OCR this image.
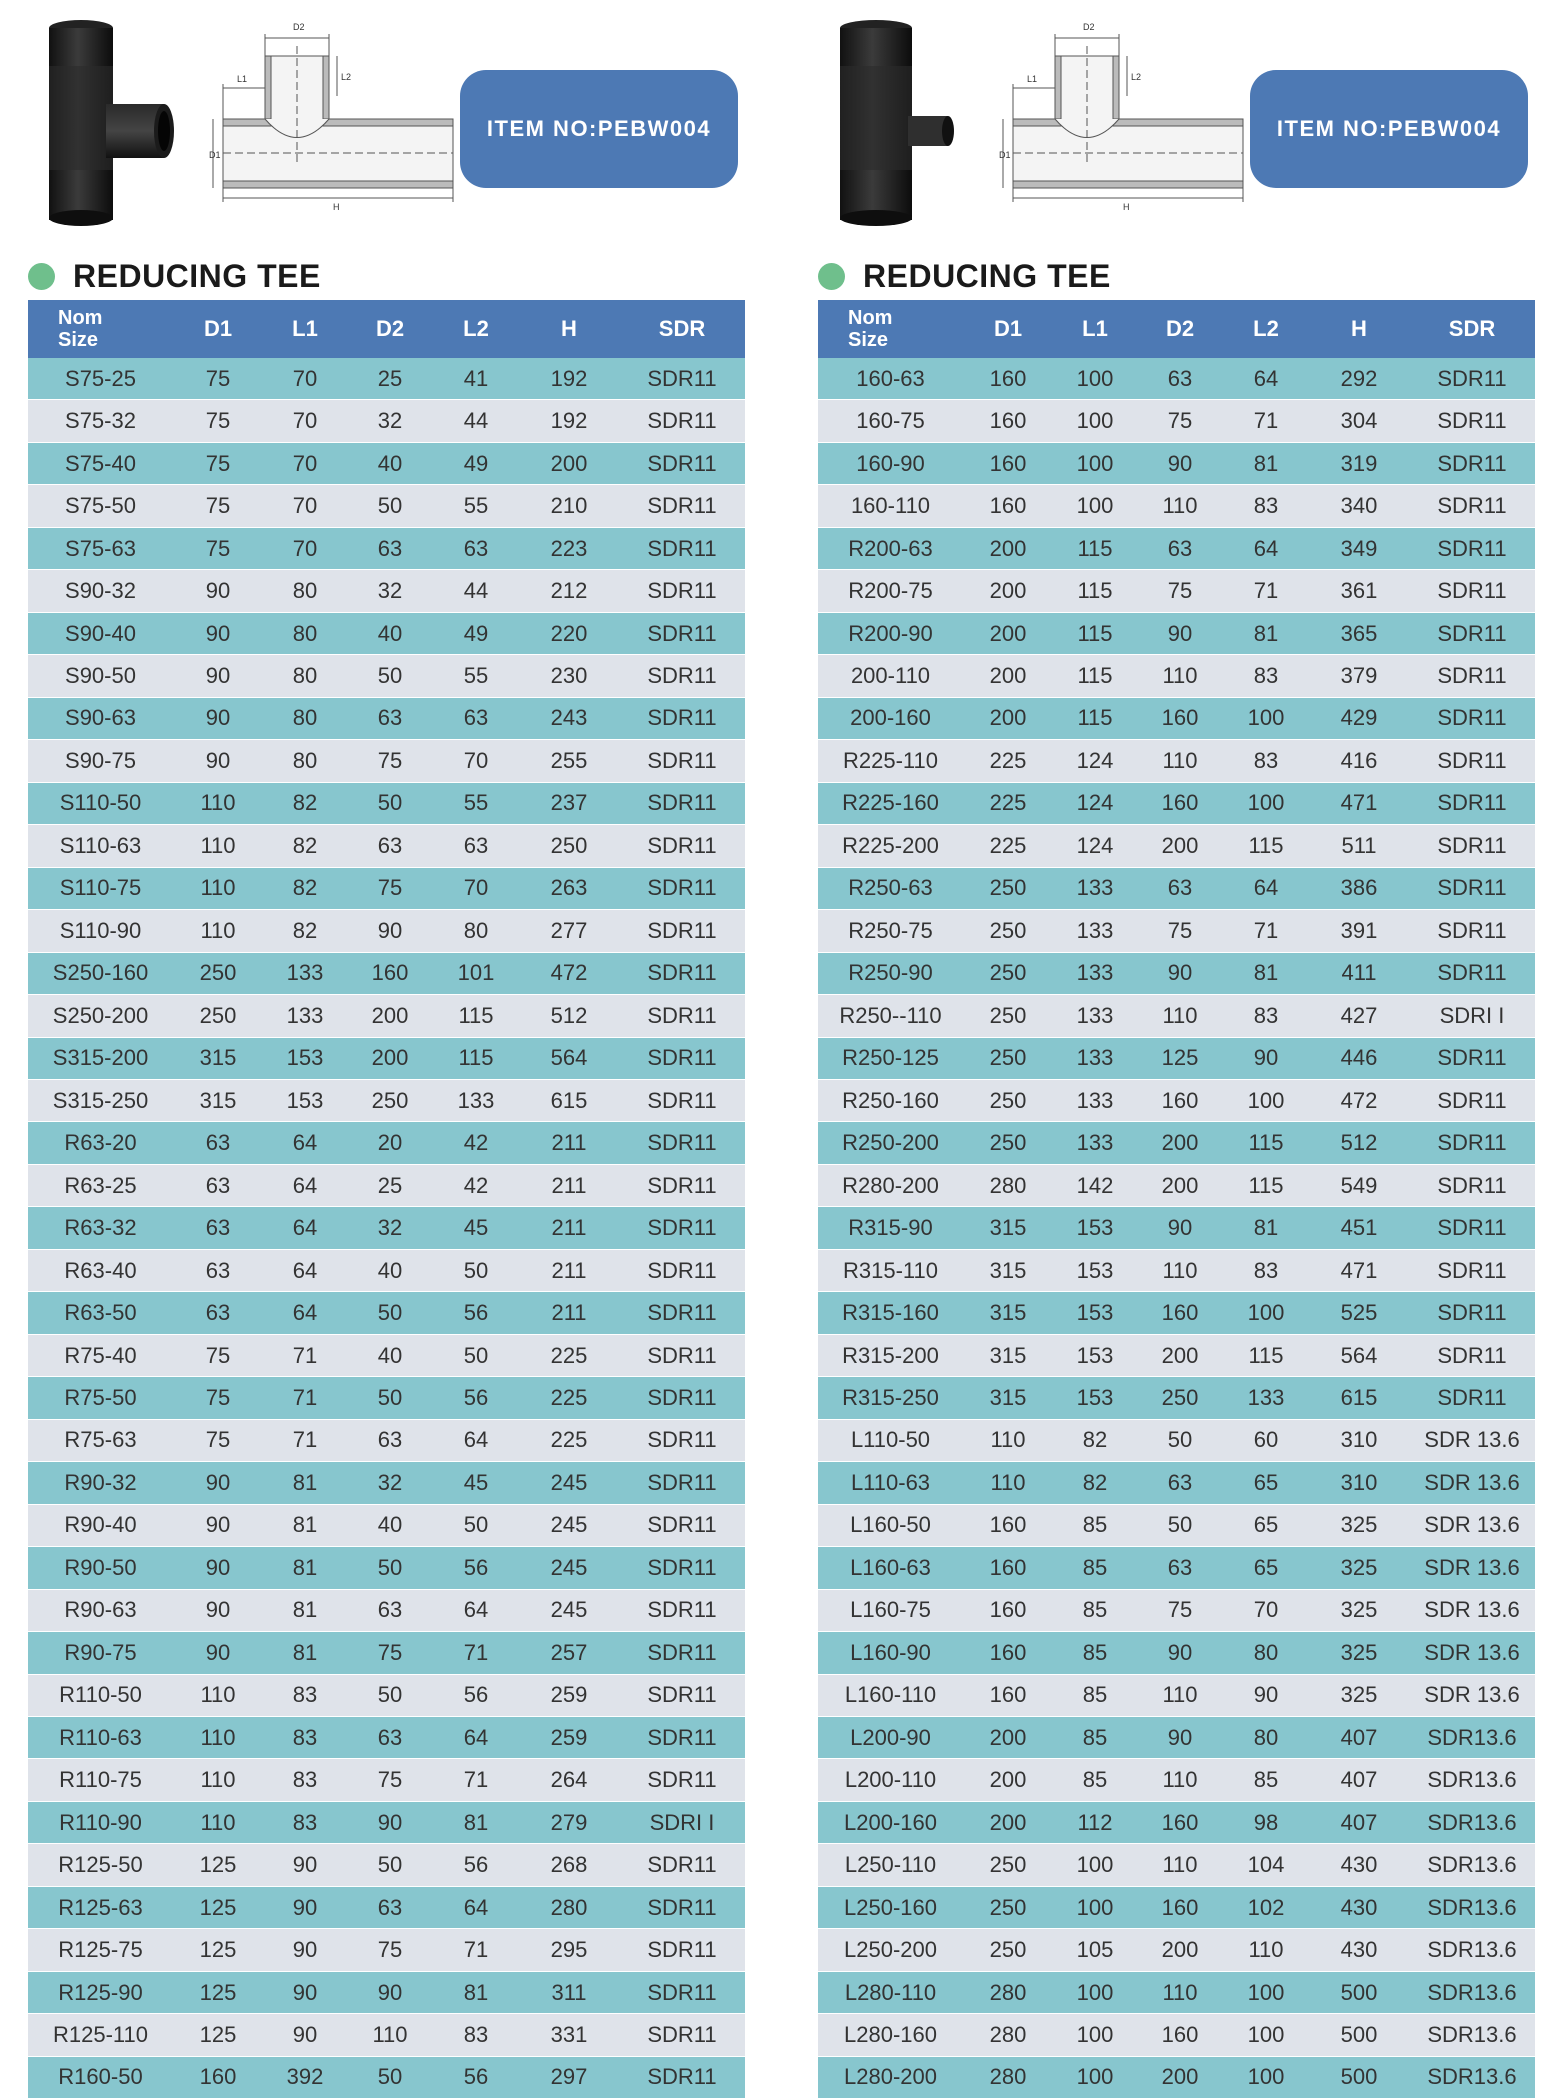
D2
L1	L2
D1
H
ITEM NO:PEBW004
REDUCING TEE
Nom
Size	D1	L1	D2	L2	H	SDR
S75-25	75	70	25	41	192	SDR11
S75-32	75	70	32	44	192	SDR11
S75-40	75	70	40	49	200	SDR11
S75-50	75	70	50	55	210	SDR11
S75-63	75	70	63	63	223	SDR11
S90-32	90	80	32	44	212	SDR11
S90-40	90	80	40	49	220	SDR11
S90-50	90	80	50	55	230	SDR11
S90-63	90	80	63	63	243	SDR11
S90-75	90	80	75	70	255	SDR11
S110-50	110	82	50	55	237	SDR11
S110-63	110	82	63	63	250	SDR11
S110-75	110	82	75	70	263	SDR11
S110-90	110	82	90	80	277	SDR11
S250-160	250	133	160	101	472	SDR11
S250-200	250	133	200	115	512	SDR11
S315-200	315	153	200	115	564	SDR11
S315-250	315	153	250	133	615	SDR11
R63-20	63	64	20	42	211	SDR11
R63-25	63	64	25	42	211	SDR11
R63-32	63	64	32	45	211	SDR11
R63-40	63	64	40	50	211	SDR11
R63-50	63	64	50	56	211	SDR11
R75-40	75	71	40	50	225	SDR11
R75-50	75	71	50	56	225	SDR11
R75-63	75	71	63	64	225	SDR11
R90-32	90	81	32	45	245	SDR11
R90-40	90	81	40	50	245	SDR11
R90-50	90	81	50	56	245	SDR11
R90-63	90	81	63	64	245	SDR11
R90-75	90	81	75	71	257	SDR11
R110-50	110	83	50	56	259	SDR11
R110-63	110	83	63	64	259	SDR11
R110-75	110	83	75	71	264	SDR11
R110-90	110	83	90	81	279	SDRI I
R125-50	125	90	50	56	268	SDR11
R125-63	125	90	63	64	280	SDR11
R125-75	125	90	75	71	295	SDR11
R125-90	125	90	90	81	311	SDR11
R125-110	125	90	110	83	331	SDR11
R160-50	160	392	50	56	297	SDR11
D2
L1	L2
D1
H
ITEM NO:PEBW004
REDUCING TEE
Nom
Size	D1	L1	D2	L2	H	SDR
160-63	160	100	63	64	292	SDR11
160-75	160	100	75	71	304	SDR11
160-90	160	100	90	81	319	SDR11
160-110	160	100	110	83	340	SDR11
R200-63	200	115	63	64	349	SDR11
R200-75	200	115	75	71	361	SDR11
R200-90	200	115	90	81	365	SDR11
200-110	200	115	110	83	379	SDR11
200-160	200	115	160	100	429	SDR11
R225-110	225	124	110	83	416	SDR11
R225-160	225	124	160	100	471	SDR11
R225-200	225	124	200	115	511	SDR11
R250-63	250	133	63	64	386	SDR11
R250-75	250	133	75	71	391	SDR11
R250-90	250	133	90	81	411	SDR11
R250--110	250	133	110	83	427	SDRI I
R250-125	250	133	125	90	446	SDR11
R250-160	250	133	160	100	472	SDR11
R250-200	250	133	200	115	512	SDR11
R280-200	280	142	200	115	549	SDR11
R315-90	315	153	90	81	451	SDR11
R315-110	315	153	110	83	471	SDR11
R315-160	315	153	160	100	525	SDR11
R315-200	315	153	200	115	564	SDR11
R315-250	315	153	250	133	615	SDR11
L110-50	110	82	50	60	310	SDR 13.6
L110-63	110	82	63	65	310	SDR 13.6
L160-50	160	85	50	65	325	SDR 13.6
L160-63	160	85	63	65	325	SDR 13.6
L160-75	160	85	75	70	325	SDR 13.6
L160-90	160	85	90	80	325	SDR 13.6
L160-110	160	85	110	90	325	SDR 13.6
L200-90	200	85	90	80	407	SDR13.6
L200-110	200	85	110	85	407	SDR13.6
L200-160	200	112	160	98	407	SDR13.6
L250-110	250	100	110	104	430	SDR13.6
L250-160	250	100	160	102	430	SDR13.6
L250-200	250	105	200	110	430	SDR13.6
L280-110	280	100	110	100	500	SDR13.6
L280-160	280	100	160	100	500	SDR13.6
L280-200	280	100	200	100	500	SDR13.6
